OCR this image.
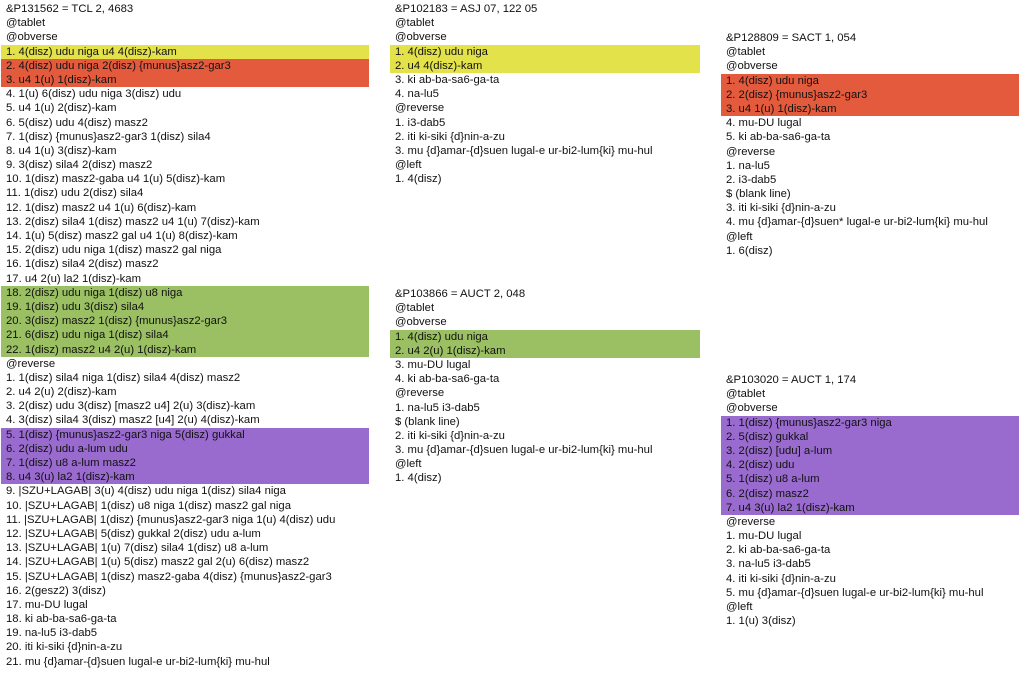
&P131562 = TCL 2, 4683
@tablet
@obverse
1. 4(disz) udu niga u4 4(disz)-kam
2. 4(disz) udu niga 2(disz) {munus}asz2-gar3
3. u4 1(u) 1(disz)-kam
4. 1(u) 6(disz) udu niga 3(disz) udu
5. u4 1(u) 2(disz)-kam
6. 5(disz) udu 4(disz) masz2
7. 1(disz) {munus}asz2-gar3 1(disz) sila4
8. u4 1(u) 3(disz)-kam
9. 3(disz) sila4 2(disz) masz2
10. 1(disz) masz2-gaba u4 1(u) 5(disz)-kam
11. 1(disz) udu 2(disz) sila4
12. 1(disz) masz2 u4 1(u) 6(disz)-kam
13. 2(disz) sila4 1(disz) masz2 u4 1(u) 7(disz)-kam
14. 1(u) 5(disz) masz2 gal u4 1(u) 8(disz)-kam
15. 2(disz) udu niga 1(disz) masz2 gal niga
16. 1(disz) sila4 2(disz) masz2
17. u4 2(u) la2 1(disz)-kam
18. 2(disz) udu niga 1(disz) u8 niga
19. 1(disz) udu 3(disz) sila4
20. 3(disz) masz2 1(disz) {munus}asz2-gar3
21. 6(disz) udu niga 1(disz) sila4
22. 1(disz) masz2 u4 2(u) 1(disz)-kam
@reverse
1. 1(disz) sila4 niga 1(disz) sila4 4(disz) masz2
2. u4 2(u) 2(disz)-kam
3. 2(disz) udu 3(disz) [masz2 u4] 2(u) 3(disz)-kam
4. 3(disz) sila4 3(disz) masz2 [u4] 2(u) 4(disz)-kam
5. 1(disz) {munus}asz2-gar3 niga 5(disz) gukkal
6. 2(disz) udu a-lum udu
7. 1(disz) u8 a-lum masz2
8. u4 3(u) la2 1(disz)-kam
9. |SZU+LAGAB| 3(u) 4(disz) udu niga 1(disz) sila4 niga
10. |SZU+LAGAB| 1(disz) u8 niga 1(disz) masz2 gal niga
11. |SZU+LAGAB| 1(disz) {munus}asz2-gar3 niga 1(u) 4(disz) udu
12. |SZU+LAGAB| 5(disz) gukkal 2(disz) udu a-lum
13. |SZU+LAGAB| 1(u) 7(disz) sila4 1(disz) u8 a-lum
14. |SZU+LAGAB| 1(u) 5(disz) masz2 gal 2(u) 6(disz) masz2
15. |SZU+LAGAB| 1(disz) masz2-gaba 4(disz) {munus}asz2-gar3
16. 2(gesz2) 3(disz)
17. mu-DU lugal
18. ki ab-ba-sa6-ga-ta
19. na-lu5 i3-dab5
20. iti ki-siki {d}nin-a-zu
21. mu {d}amar-{d}suen lugal-e ur-bi2-lum{ki} mu-hul
&P102183 = ASJ 07, 122 05
@tablet
@obverse
1. 4(disz) udu niga
2. u4 4(disz)-kam
3. ki ab-ba-sa6-ga-ta
4. na-lu5
@reverse
1. i3-dab5
2. iti ki-siki {d}nin-a-zu
3. mu {d}amar-{d}suen lugal-e ur-bi2-lum{ki} mu-hul
@left
1. 4(disz)
&P103866 = AUCT 2, 048
@tablet
@obverse
1. 4(disz) udu niga
2. u4 2(u) 1(disz)-kam
3. mu-DU lugal
4. ki ab-ba-sa6-ga-ta
@reverse
1. na-lu5 i3-dab5
$ (blank line)
2. iti ki-siki {d}nin-a-zu
3. mu {d}amar-{d}suen lugal-e ur-bi2-lum{ki} mu-hul
@left
1. 4(disz)
&P128809 = SACT 1, 054
@tablet
@obverse
1. 4(disz) udu niga
2. 2(disz) {munus}asz2-gar3
3. u4 1(u) 1(disz)-kam
4. mu-DU lugal
5. ki ab-ba-sa6-ga-ta
@reverse
1. na-lu5
2. i3-dab5
$ (blank line)
3. iti ki-siki {d}nin-a-zu
4. mu {d}amar-{d}suen* lugal-e ur-bi2-lum{ki} mu-hul
@left
1. 6(disz)
&P103020 = AUCT 1, 174
@tablet
@obverse
1. 1(disz) {munus}asz2-gar3 niga
2. 5(disz) gukkal
3. 2(disz) [udu] a-lum
4. 2(disz) udu
5. 1(disz) u8 a-lum
6. 2(disz) masz2
7. u4 3(u) la2 1(disz)-kam
@reverse
1. mu-DU lugal
2. ki ab-ba-sa6-ga-ta
3. na-lu5 i3-dab5
4. iti ki-siki {d}nin-a-zu
5. mu {d}amar-{d}suen lugal-e ur-bi2-lum{ki} mu-hul
@left
1. 1(u) 3(disz)
